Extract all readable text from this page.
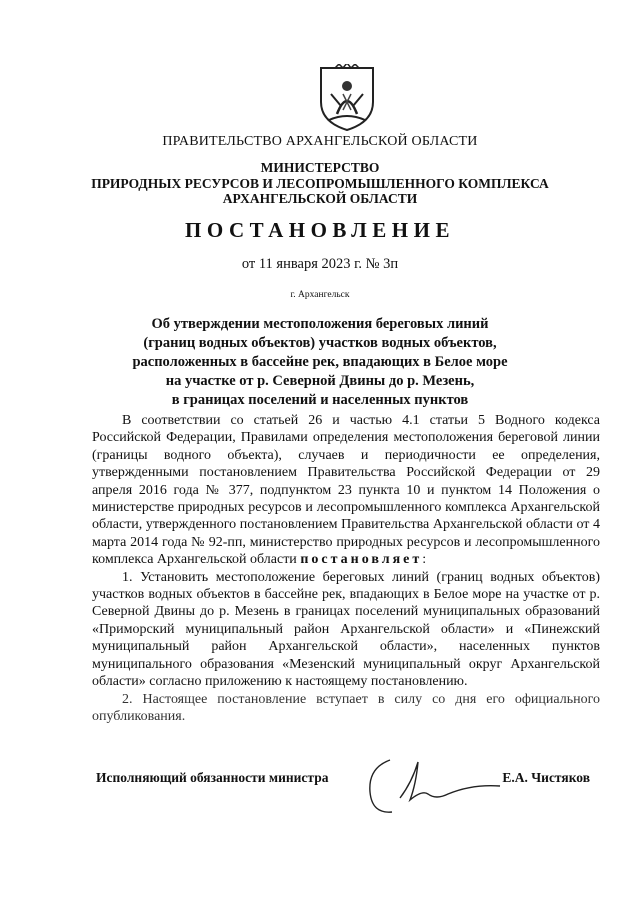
ПРАВИТЕЛЬСТВО АРХАНГЕЛЬСКОЙ ОБЛАСТИ
МИНИСТЕРСТВО
ПРИРОДНЫХ РЕСУРСОВ И ЛЕСОПРОМЫШЛЕННОГО КОМПЛЕКСА
АРХАНГЕЛЬСКОЙ ОБЛАСТИ
ПОСТАНОВЛЕНИЕ
от 11 января 2023 г. № 3п
г. Архангельск
Об утверждении местоположения береговых линий
(границ водных объектов) участков водных объектов,
расположенных в бассейне рек, впадающих в Белое море
на участке от р. Северной Двины до р. Мезень,
в границах поселений и населенных пунктов

В соответствии со статьей 26 и частью 4.1 статьи 5 Водного кодекса Российской Федерации, Правилами определения местоположения береговой линии (границы водного объекта), случаев и периодичности ее определения, утвержденными постановлением Правительства Российской Федерации от 29 апреля 2016 года № 377, подпунктом 23 пункта 10 и пунктом 14 Положения о министерстве природных ресурсов и лесопромышленного комплекса Архангельской области, утвержденного постановлением Правительства Архангельской области от 4 марта 2014 года № 92-пп, министерство природных ресурсов и лесопромышленного комплекса Архангельской области постановляет:

1. Установить местоположение береговых линий (границ водных объектов) участков водных объектов в бассейне рек, впадающих в Белое море на участке от р. Северной Двины до р. Мезень в границах поселений муниципальных образований «Приморский муниципальный район Архангельской области» и «Пинежский муниципальный район Архангельской области», населенных пунктов муниципального образования «Мезенский муниципальный округ Архангельской области» согласно приложению к настоящему постановлению.

2. Настоящее постановление вступает в силу со дня его официального опубликования.

Исполняющий обязанности министра	Е.А. Чистяков
